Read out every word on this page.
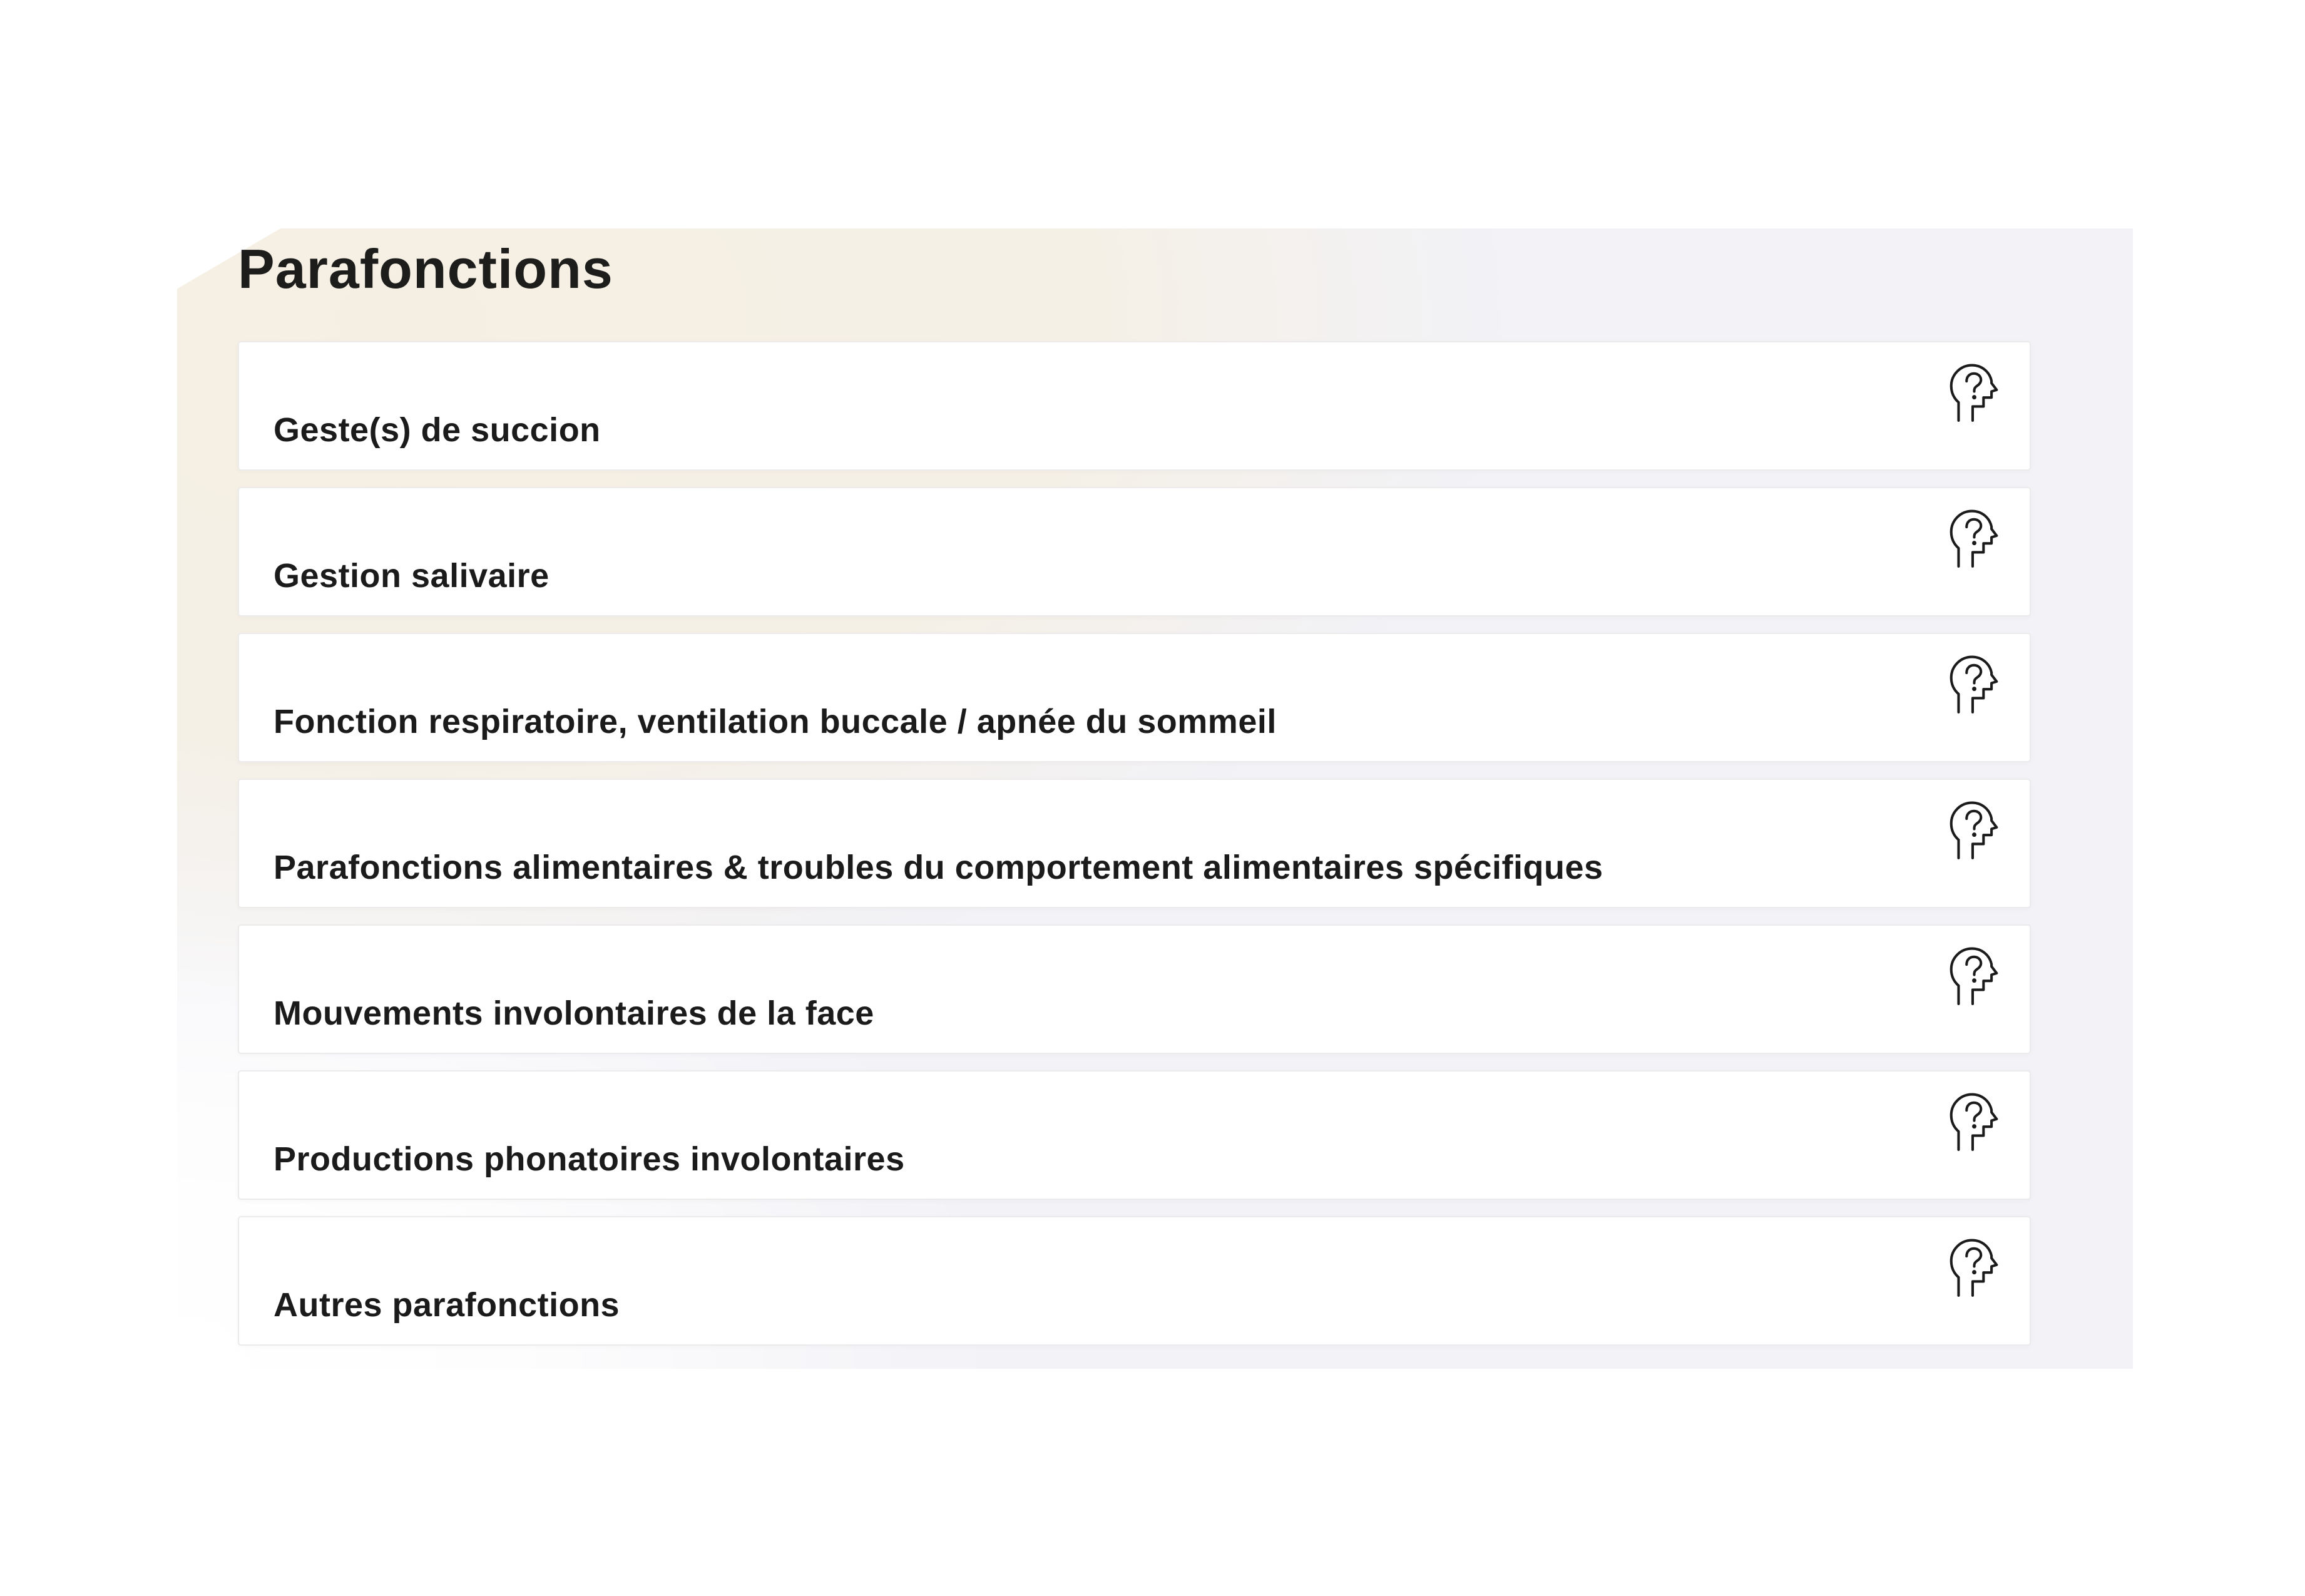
Parafonctions
Geste(s) de succion
Gestion salivaire
Fonction respiratoire, ventilation buccale / apnée du sommeil
Parafonctions alimentaires & troubles du comportement alimentaires spécifiques
Mouvements involontaires de la face
Productions phonatoires involontaires
Autres parafonctions
